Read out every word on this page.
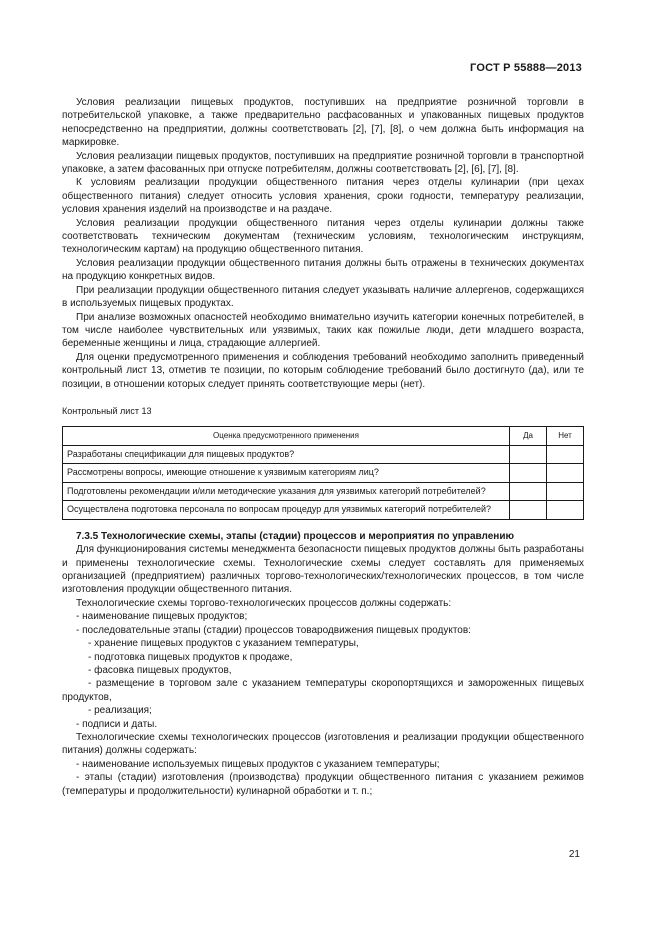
ГОСТ Р 55888—2013

Условия реализации пищевых продуктов, поступивших на предприятие розничной торговли в потребительской упаковке, а также предварительно расфасованных и упакованных пищевых продуктов непосредственно на предприятии, должны соответствовать [2], [7], [8], о чем должна быть информация на маркировке.

Условия реализации пищевых продуктов, поступивших на предприятие розничной торговли в транспортной упаковке, а затем фасованных при отпуске потребителям, должны соответствовать [2], [6], [7], [8].

К условиям реализации продукции общественного питания через отделы кулинарии (при цехах общественного питания) следует относить условия хранения, сроки годности, температуру реализации, условия хранения изделий на производстве и на раздаче.

Условия реализации продукции общественного питания через отделы кулинарии должны также соответствовать техническим документам (техническим условиям, технологическим инструкциям, технологическим картам) на продукцию общественного питания.

Условия реализации продукции общественного питания должны быть отражены в технических документах на продукцию конкретных видов.

При реализации продукции общественного питания следует указывать наличие аллергенов, содержащихся в используемых пищевых продуктах.

При анализе возможных опасностей необходимо внимательно изучить категории конечных потребителей, в том числе наиболее чувствительных или уязвимых, таких как пожилые люди, дети младшего возраста, беременные женщины и лица, страдающие аллергией.

Для оценки предусмотренного применения и соблюдения требований необходимо заполнить приведенный контрольный лист 13, отметив те позиции, по которым соблюдение требований было достигнуто (да), или те позиции, в отношении которых следует принять соответствующие меры (нет).

Контрольный лист 13

Оценка предусмотренного применения	Да	Нет
Разработаны спецификации для пищевых продуктов?		
Рассмотрены вопросы, имеющие отношение к уязвимым категориям лиц?		
Подготовлены рекомендации и/или методические указания для уязвимых категорий потребителей?		
Осуществлена подготовка персонала по вопросам процедур для уязвимых категорий потребителей?		
7.3.5 Технологические схемы, этапы (стадии) процессов и мероприятия по управлению

Для функционирования системы менеджмента безопасности пищевых продуктов должны быть разработаны и применены технологические схемы. Технологические схемы следует составлять для применяемых организацией (предприятием) различных торгово-технологических/технологических процессов, в том числе изготовления продукции общественного питания.

Технологические схемы торгово-технологических процессов должны содержать:

- наименование пищевых продуктов;

- последовательные этапы (стадии) процессов товародвижения пищевых продуктов:

- хранение пищевых продуктов с указанием температуры,

- подготовка пищевых продуктов к продаже,

- фасовка пищевых продуктов,

- размещение в торговом зале с указанием температуры скоропортящихся и замороженных пищевых продуктов,

- реализация;

- подписи и даты.

Технологические схемы технологических процессов (изготовления и реализации продукции общественного питания) должны содержать:

- наименование используемых пищевых продуктов с указанием температуры;

- этапы (стадии) изготовления (производства) продукции общественного питания с указанием режимов (температуры и продолжительности) кулинарной обработки и т. п.;

21
